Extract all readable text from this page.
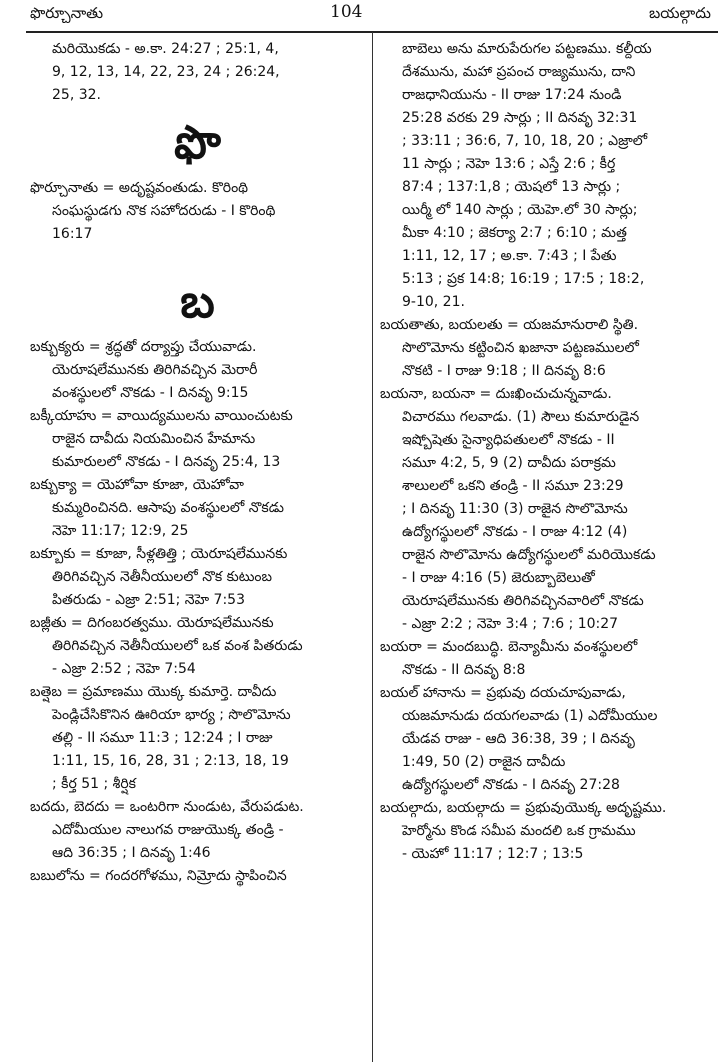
ఫొర్చూనాతు	104	బయల్గాదు
మరియొకడు - అ.కా. 24:27 ; 25:1, 4,
9, 12, 13, 14, 22, 23, 24 ; 26:24,
25, 32.
ఫొ
ఫొర్చూనాతు = అదృష్టవంతుడు. కొరింథి
సంఘస్థుడగు నొక సహోదరుడు - I కొరింథి
16:17
బ
బక్బుక్యరు = శ్రద్ధతో దర్యాప్తు చేయువాడు.
యెరూషలేమునకు తిరిగివచ్చిన మెరారీ
వంశస్థులలో నొకడు - I దినవృ 9:15
బక్కీయాహు = వాయిద్యములను వాయించుటకు
రాజైన దావీదు నియమించిన హేమాను
కుమారులలో నొకడు - I దినవృ 25:4, 13
బక్బుక్యా = యెహోవా కూజా, యెహోవా
కుమ్మరించినది. ఆసాపు వంశస్థులలో నొకడు
నెహె 11:17; 12:9, 25
బక్బూకు = కూజా, సీళ్లతిత్తి ; యెరూషలేమునకు
తిరిగివచ్చిన నెతీనీయులలో నొక కుటుంబ
పితరుడు - ఎజ్రా 2:51; నెహె 7:53
బజ్లీతు = దిగంబరత్వము. యెరూషలేమునకు
తిరిగివచ్చిన నెతీనీయులలో ఒక వంశ పితరుడు
- ఎజ్రా 2:52 ; నెహె 7:54
బత్షెబ = ప్రమాణము యొక్క కుమార్తె. దావీదు
పెండ్లిచేసికొనిన ఊరియా భార్య ; సొలొమోను
తల్లి - II సమూ 11:3 ; 12:24 ; I రాజు
1:11, 15, 16, 28, 31 ; 2:13, 18, 19
; కీర్త 51 ; శీర్షిక
బదదు, బెదదు = ఒంటరిగా నుండుట, వేరుపడుట.
ఎదోమీయుల నాలుగవ రాజుయొక్క తండ్రి -
ఆది 36:35 ; I దినవృ 1:46
బబులోను = గందరగోళము, నిమ్రోదు స్థాపించిన
బాబెలు అను మారుపేరుగల పట్టణము. కల్దీయ
దేశమును, మహా ప్రపంచ రాజ్యమును, దాని
రాజధానియును - II రాజు 17:24 నుండి
25:28 వరకు 29 సార్లు ; II దినవృ 32:31
; 33:11 ; 36:6, 7, 10, 18, 20 ; ఎజ్రాలో
11 సార్లు ; నెహె 13:6 ; ఎస్తే 2:6 ; కీర్త
87:4 ; 137:1,8 ; యెషలో 13 సార్లు ;
యిర్మీ లో 140 సార్లు ; యెహె.లో 30 సార్లు;
మీకా 4:10 ; జెకర్యా 2:7 ; 6:10 ; మత్త
1:11, 12, 17 ; అ.కా. 7:43 ; I పేతు
5:13 ; ప్రక 14:8; 16:19 ; 17:5 ; 18:2,
9-10, 21.
బయతాతు, బయలతు = యజమానురాలి స్థితి.
సొలొమోను కట్టించిన ఖజానా పట్టణములలో
నొకటి - I రాజు 9:18 ; II దినవృ 8:6
బయనా, బయనా = దుఃఖించుచున్నవాడు.
విచారము గలవాడు. (1) సౌలు కుమారుడైన
ఇష్బోషెతు సైన్యాధిపతులలో నొకడు - II
సమూ 4:2, 5, 9 (2) దావీదు పరాక్రమ
శాలులలో ఒకని తండ్రి - II సమూ 23:29
; I దినవృ 11:30 (3) రాజైన సొలొమోను
ఉద్యోగస్థులలో నొకడు - I రాజు 4:12 (4)
రాజైన సొలొమోను ఉద్యోగస్థులలో మరియొకడు
- I రాజు 4:16 (5) జెరుబ్బాబెలుతో
యెరూషలేమునకు తిరిగివచ్చినవారిలో నొకడు
- ఎజ్రా 2:2 ; నెహె 3:4 ; 7:6 ; 10:27
బయరా = మందబుద్ధి. బెన్యామీను వంశస్థులలో
నొకడు - II దినవృ 8:8
బయల్ హానాను = ప్రభువు దయచూపువాడు,
యజమానుడు దయగలవాడు (1) ఎదోమీయుల
యేడవ రాజు - ఆది 36:38, 39 ; I దినవృ
1:49, 50 (2) రాజైన దావీదు
ఉద్యోగస్థులలో నొకడు - I దినవృ 27:28
బయల్గాదు, బయల్గాదు = ప్రభువుయొక్క అదృష్టము.
హెర్మోను కొండ సమీప మందలి ఒక గ్రామము
- యెహో 11:17 ; 12:7 ; 13:5
